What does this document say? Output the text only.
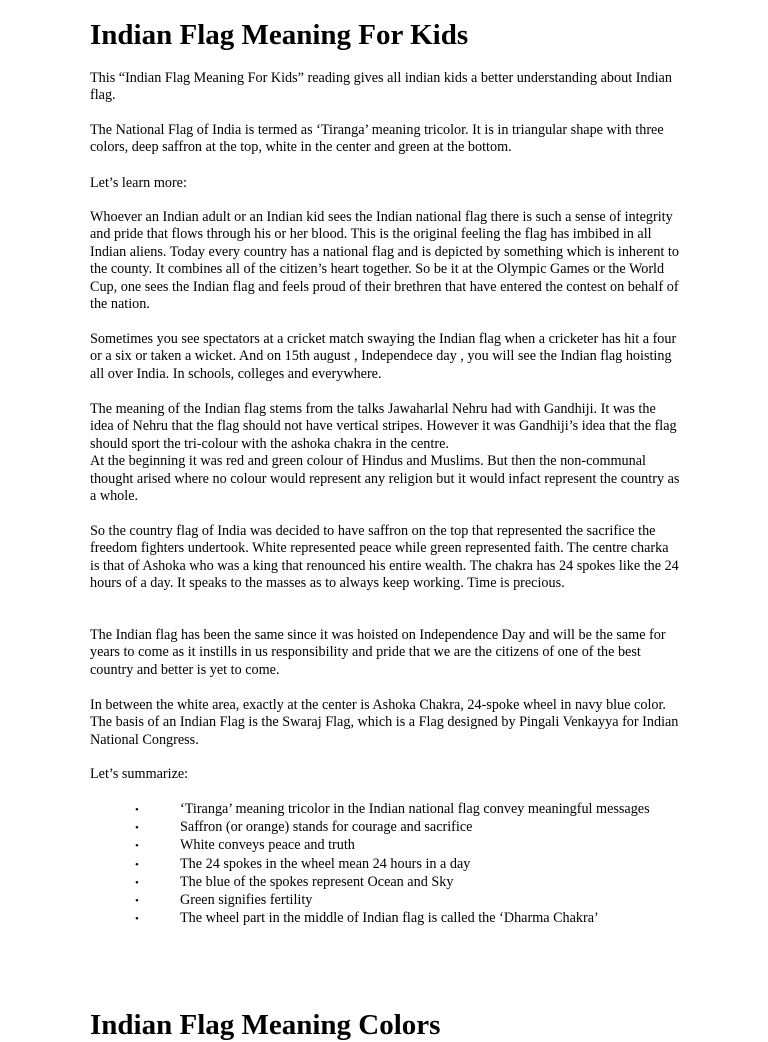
Indian Flag Meaning For Kids

This “Indian Flag Meaning For Kids” reading gives all indian kids a better understanding about Indian flag.

The National Flag of India is termed as ‘Tiranga’ meaning tricolor. It is in triangular shape with three colors, deep saffron at the top, white in the center and green at the bottom.

Let’s learn more:

Whoever an Indian adult or an Indian kid sees the Indian national flag there is such a sense of integrity and pride that flows through his or her blood. This is the original feeling the flag has imbibed in all Indian aliens. Today every country has a national flag and is depicted by something which is inherent to the county. It combines all of the citizen’s heart together. So be it at the Olympic Games or the World Cup, one sees the Indian flag and feels proud of their brethren that have entered the contest on behalf of the nation.

Sometimes you see spectators at a cricket match swaying the Indian flag when a cricketer has hit a four or a six or taken a wicket. And on 15th august , Independece day , you will see the Indian flag hoisting all over India. In schools, colleges and everywhere.

The meaning of the Indian flag stems from the talks Jawaharlal Nehru had with Gandhiji. It was the idea of Nehru that the flag should not have vertical stripes. However it was Gandhiji’s idea that the flag should sport the tri-colour with the ashoka chakra in the centre.
At the beginning it was red and green colour of Hindus and Muslims. But then the non-communal thought arised where no colour would represent any religion but it would infact represent the country as a whole.

So the country flag of India was decided to have saffron on the top that represented the sacrifice the freedom fighters undertook. White represented peace while green represented faith. The centre charka is that of Ashoka who was a king that renounced his entire wealth. The chakra has 24 spokes like the 24 hours of a day. It speaks to the masses as to always keep working. Time is precious.

The Indian flag has been the same since it was hoisted on Independence Day and will be the same for years to come as it instills in us responsibility and pride that we are the citizens of one of the best country and better is yet to come.

In between the white area, exactly at the center is Ashoka Chakra, 24-spoke wheel in navy blue color. The basis of an Indian Flag is the Swaraj Flag, which is a Flag designed by Pingali Venkayya for Indian National Congress.

Let’s summarize:

•	‘Tiranga’ meaning tricolor in the Indian national flag convey meaningful messages
•	Saffron (or orange) stands for courage and sacrifice
•	White conveys peace and truth
•	The 24 spokes in the wheel mean 24 hours in a day
•	The blue of the spokes represent Ocean and Sky
•	Green signifies fertility
•	The wheel part in the middle of Indian flag is called the ‘Dharma Chakra’
Indian Flag Meaning Colors
